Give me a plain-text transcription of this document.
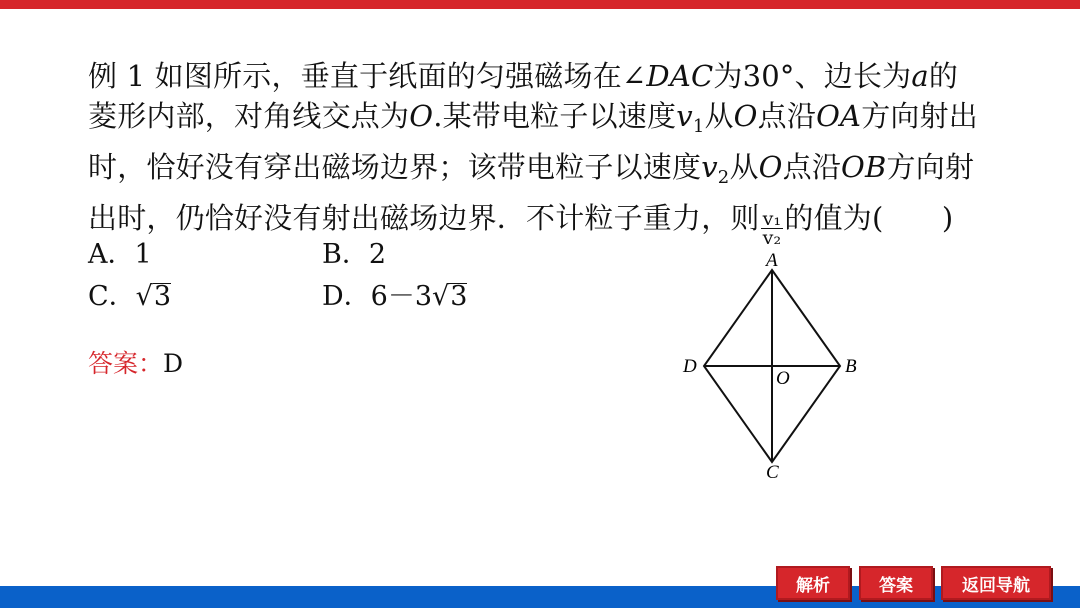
例 1 如图所示，垂直于纸面的匀强磁场在∠DAC为30°、边长为a的
菱形内部，对角线交点为O.某带电粒子以速度$v_1$从O点沿OA方向射出
时，恰好没有穿出磁场边界；该带电粒子以速度$v_2$从O点沿OB方向射
出时，仍恰好没有射出磁场边界．不计粒子重力，则 $\frac{\text{v₁}}{\text{v₂}}$ 的值为(　　)
A．1	B．2
C．√3	D．6－3√3
答案：D
A
B
C
D
O
解析	答案	返回导航
